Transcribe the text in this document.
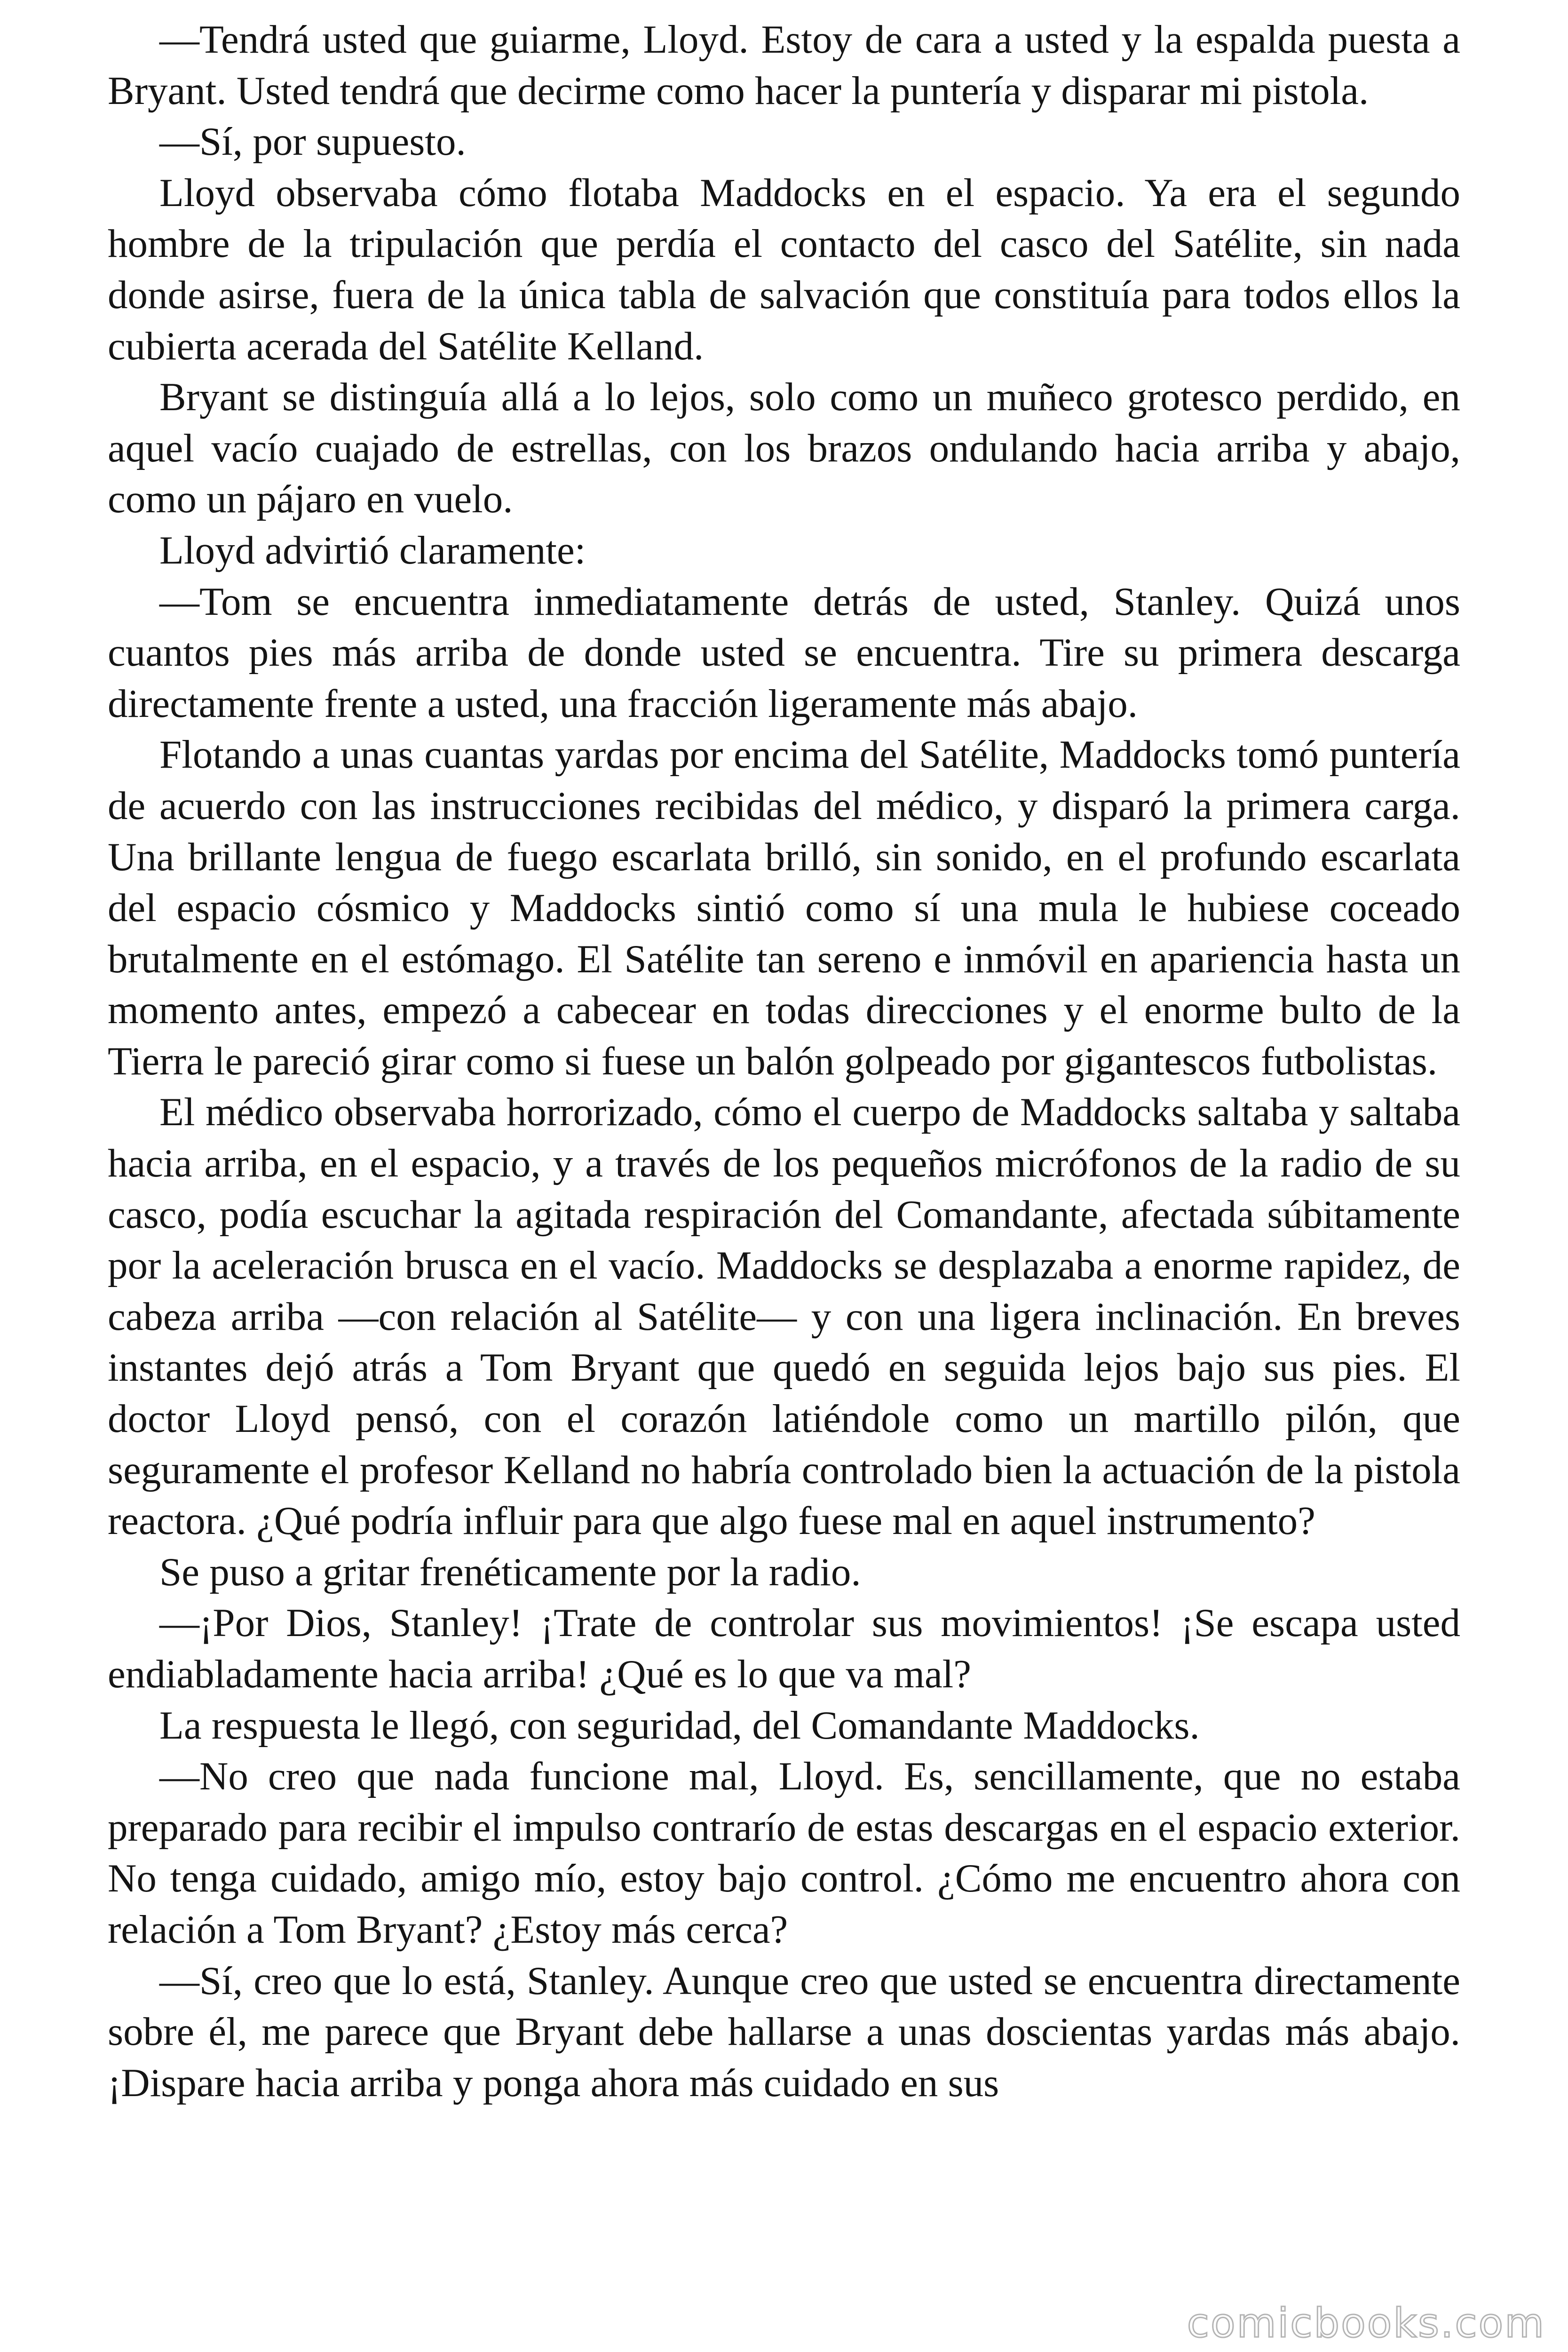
—Tendrá usted que guiarme, Lloyd. Estoy de cara a usted y la espalda puesta a Bryant. Usted tendrá que decirme como hacer la puntería y disparar mi pistola.

—Sí, por supuesto.

Lloyd observaba cómo flotaba Maddocks en el espacio. Ya era el segundo hombre de la tripulación que perdía el contacto del casco del Satélite, sin nada donde asirse, fuera de la única tabla de salvación que constituía para todos ellos la cubierta acerada del Satélite Kelland.

Bryant se distinguía allá a lo lejos, solo como un muñeco grotesco perdido, en aquel vacío cuajado de estrellas, con los brazos ondulando hacia arriba y abajo, como un pájaro en vuelo.

Lloyd advirtió claramente:

—Tom se encuentra inmediatamente detrás de usted, Stanley. Quizá unos cuantos pies más arriba de donde usted se encuentra. Tire su primera descarga directamente frente a usted, una fracción ligeramente más abajo.

Flotando a unas cuantas yardas por encima del Satélite, Maddocks tomó puntería de acuerdo con las instrucciones recibidas del médico, y disparó la primera carga. Una brillante lengua de fuego escarlata brilló, sin sonido, en el profundo escarlata del espacio cósmico y Maddocks sintió como sí una mula le hubiese coceado brutalmente en el estómago. El Satélite tan sereno e inmóvil en apariencia hasta un momento antes, empezó a cabecear en todas direcciones y el enorme bulto de la Tierra le pareció girar como si fuese un balón golpeado por gigantescos futbolistas.

El médico observaba horrorizado, cómo el cuerpo de Maddocks saltaba y saltaba hacia arriba, en el espacio, y a través de los pequeños micrófonos de la radio de su casco, podía escuchar la agitada respiración del Comandante, afectada súbitamente por la aceleración brusca en el vacío. Maddocks se desplazaba a enorme rapidez, de cabeza arriba —con relación al Satélite— y con una ligera inclinación. En breves instantes dejó atrás a Tom Bryant que quedó en seguida lejos bajo sus pies. El doctor Lloyd pensó, con el corazón latiéndole como un martillo pilón, que seguramente el profesor Kelland no habría controlado bien la actuación de la pistola reactora. ¿Qué podría influir para que algo fuese mal en aquel instrumento?

Se puso a gritar frenéticamente por la radio.

—¡Por Dios, Stanley! ¡Trate de controlar sus movimientos! ¡Se escapa usted endiabladamente hacia arriba! ¿Qué es lo que va mal?

La respuesta le llegó, con seguridad, del Comandante Maddocks.

—No creo que nada funcione mal, Lloyd. Es, sencillamente, que no estaba preparado para recibir el impulso contrarío de estas descargas en el espacio exterior. No tenga cuidado, amigo mío, estoy bajo control. ¿Cómo me encuentro ahora con relación a Tom Bryant? ¿Estoy más cerca?

—Sí, creo que lo está, Stanley. Aunque creo que usted se encuentra directamente sobre él, me parece que Bryant debe hallarse a unas doscientas yardas más abajo. ¡Dispare hacia arriba y ponga ahora más cuidado en sus

comicbooks.com
